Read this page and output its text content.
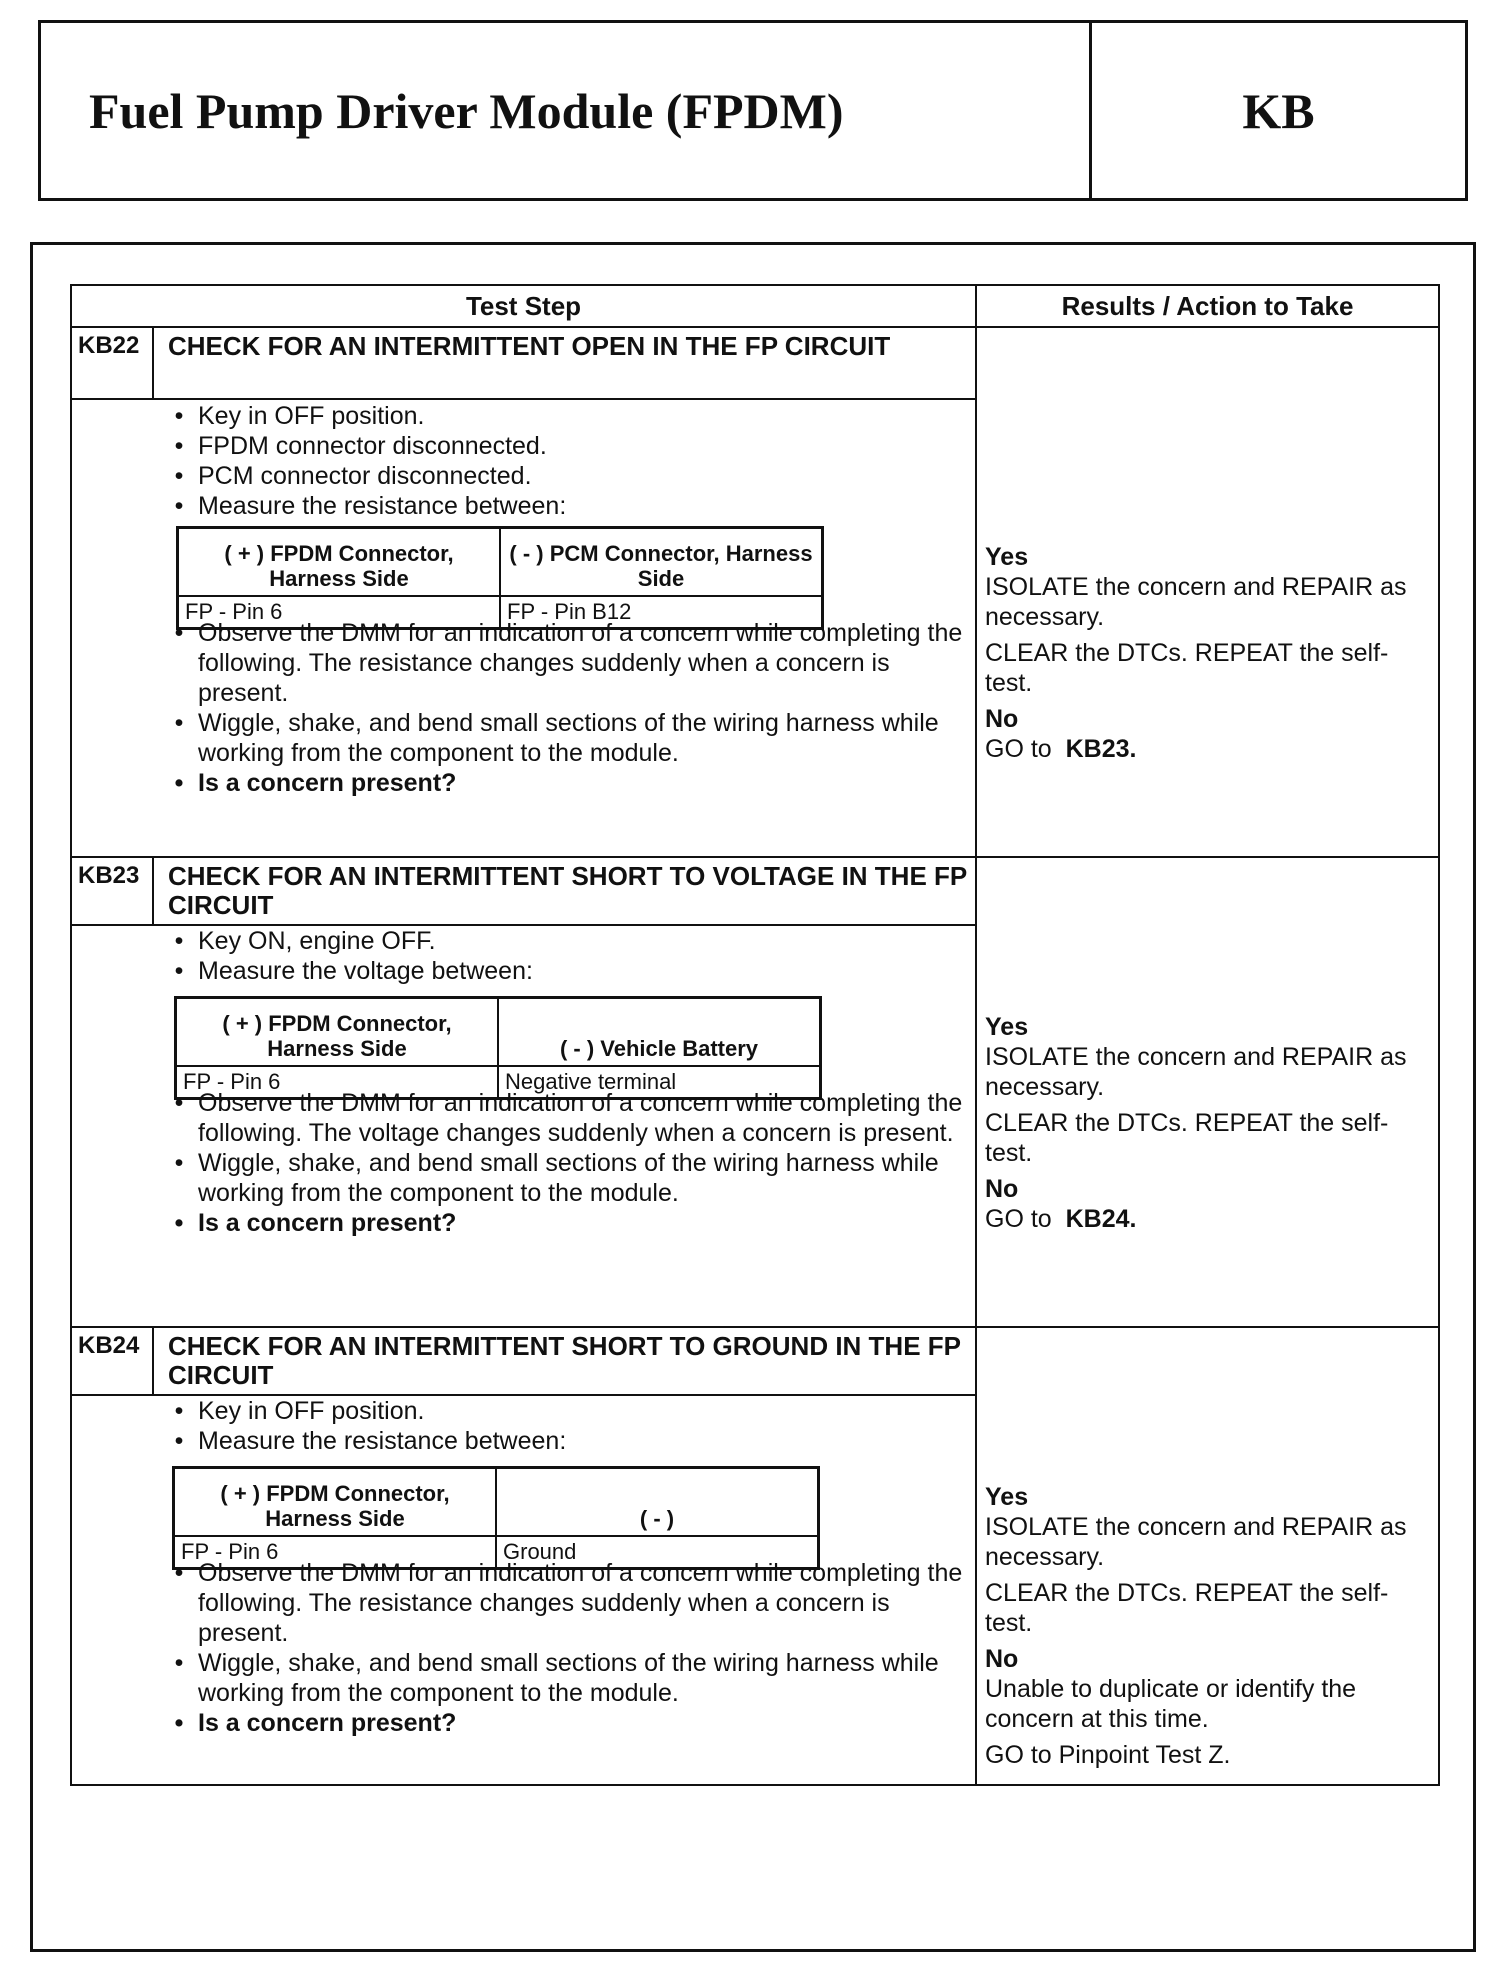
Fuel Pump Driver Module (FPDM)	KB
Test Step	Results / Action to Take
KB22	CHECK FOR AN INTERMITTENT OPEN IN THE FP CIRCUIT
• Key in OFF position.
• FPDM connector disconnected.
• PCM connector disconnected.
• Measure the resistance between:
( + ) FPDM Connector, Harness Side	( - ) PCM Connector, Harness Side
FP - Pin 6	FP - Pin B12
• Observe the DMM for an indication of a concern while completing the following. The resistance changes suddenly when a concern is present.
• Wiggle, shake, and bend small sections of the wiring harness while working from the component to the module.
• Is a concern present?

Yes

ISOLATE the concern and REPAIR as necessary.

CLEAR the DTCs. REPEAT the self-test.

No

GO to KB23.

KB23	CHECK FOR AN INTERMITTENT SHORT TO VOLTAGE IN THE FP CIRCUIT
• Key ON, engine OFF.
• Measure the voltage between:
( + ) FPDM Connector, Harness Side	( - ) Vehicle Battery
FP - Pin 6	Negative terminal
• Observe the DMM for an indication of a concern while completing the following. The voltage changes suddenly when a concern is present.
• Wiggle, shake, and bend small sections of the wiring harness while working from the component to the module.
• Is a concern present?

Yes

ISOLATE the concern and REPAIR as necessary.

CLEAR the DTCs. REPEAT the self-test.

No

GO to KB24.

KB24	CHECK FOR AN INTERMITTENT SHORT TO GROUND IN THE FP CIRCUIT
• Key in OFF position.
• Measure the resistance between:
( + ) FPDM Connector, Harness Side	( - )
FP - Pin 6	Ground
• Observe the DMM for an indication of a concern while completing the following. The resistance changes suddenly when a concern is present.
• Wiggle, shake, and bend small sections of the wiring harness while working from the component to the module.
• Is a concern present?

Yes

ISOLATE the concern and REPAIR as necessary.

CLEAR the DTCs. REPEAT the self-test.

No

Unable to duplicate or identify the concern at this time.

GO to Pinpoint Test Z.
